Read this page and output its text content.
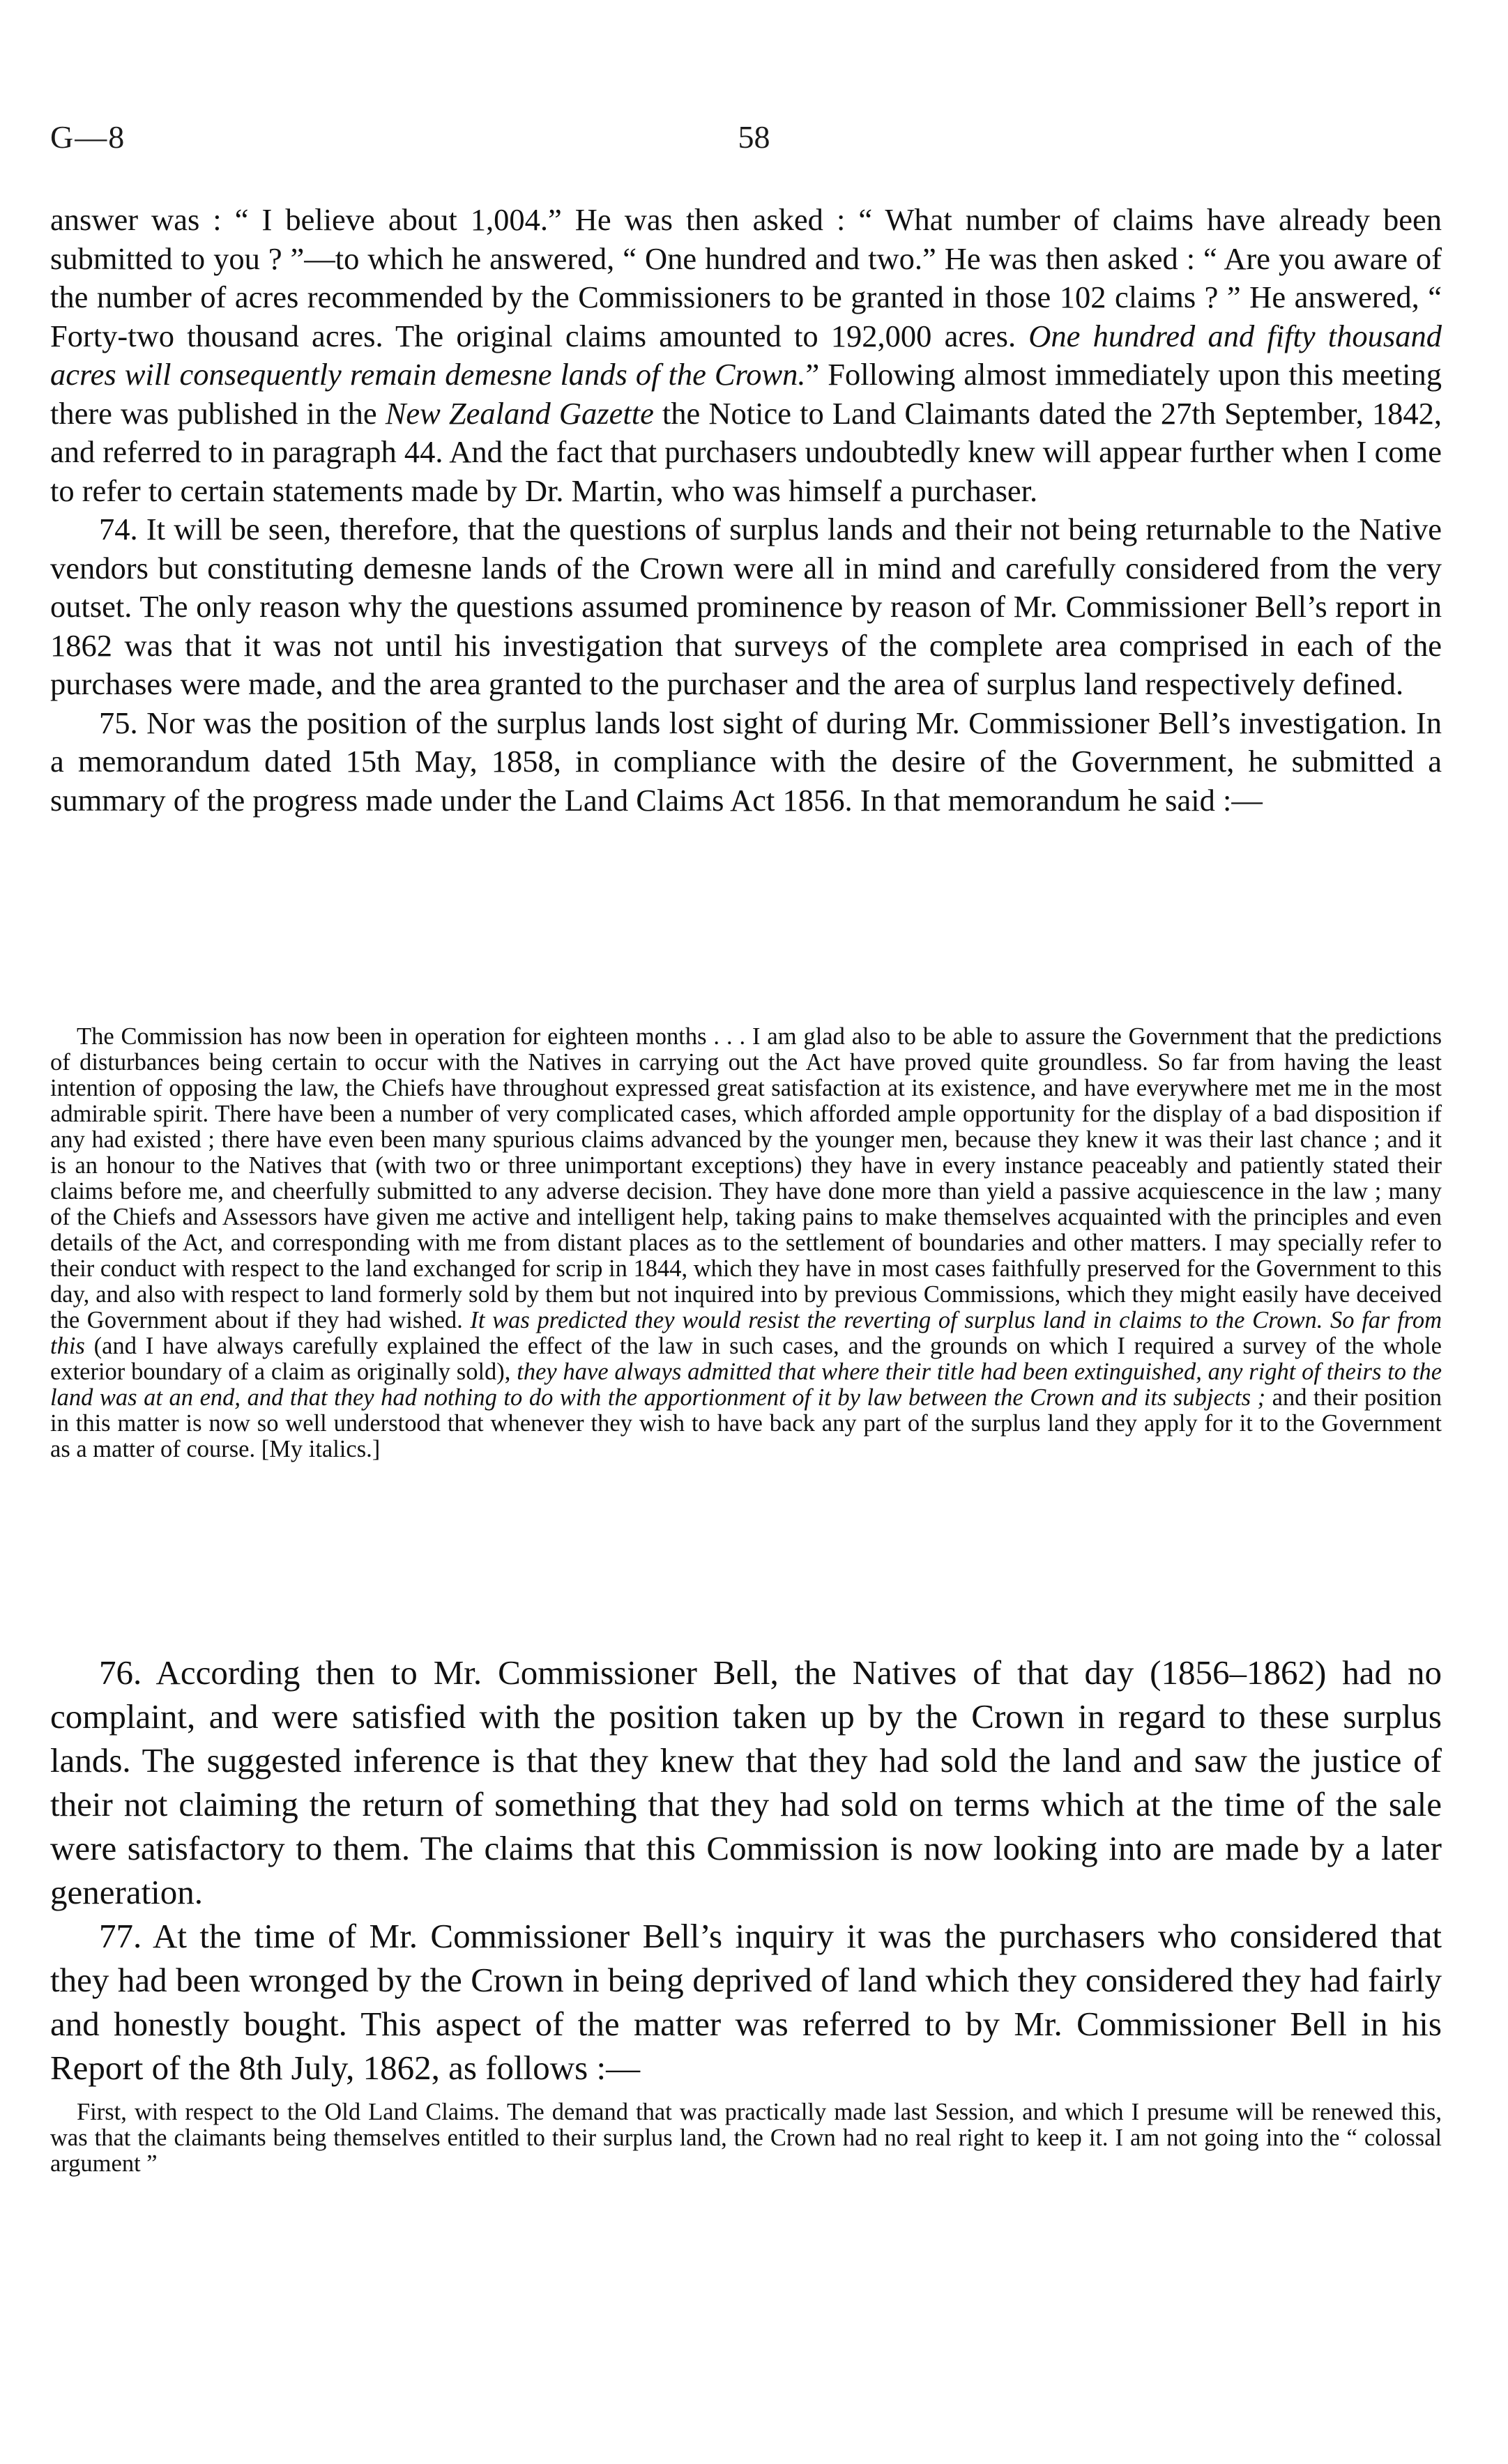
G—8	58

answer was : “ I believe about 1,004.” He was then asked : “ What number of claims have already been submitted to you ? ”—to which he answered, “ One hundred and two.” He was then asked : “ Are you aware of the number of acres recommended by the Commissioners to be granted in those 102 claims ? ” He answered, “ Forty-two thousand acres. The original claims amounted to 192,000 acres. One hundred and fifty thousand acres will consequently remain demesne lands of the Crown.” Following almost immediately upon this meeting there was published in the New Zealand Gazette the Notice to Land Claimants dated the 27th September, 1842, and referred to in paragraph 44. And the fact that purchasers undoubtedly knew will appear further when I come to refer to certain statements made by Dr. Martin, who was himself a purchaser.

74. It will be seen, therefore, that the questions of surplus lands and their not being returnable to the Native vendors but constituting demesne lands of the Crown were all in mind and carefully considered from the very outset. The only reason why the questions assumed prominence by reason of Mr. Commissioner Bell’s report in 1862 was that it was not until his investigation that surveys of the complete area comprised in each of the purchases were made, and the area granted to the purchaser and the area of surplus land respectively defined.

75. Nor was the position of the surplus lands lost sight of during Mr. Commissioner Bell’s investigation. In a memorandum dated 15th May, 1858, in compliance with the desire of the Government, he submitted a summary of the progress made under the Land Claims Act 1856. In that memorandum he said :—

The Commission has now been in operation for eighteen months . . . I am glad also to be able to assure the Government that the predictions of disturbances being certain to occur with the Natives in carrying out the Act have proved quite groundless. So far from having the least intention of opposing the law, the Chiefs have throughout expressed great satisfaction at its existence, and have everywhere met me in the most admirable spirit. There have been a number of very complicated cases, which afforded ample opportunity for the display of a bad disposition if any had existed ; there have even been many spurious claims advanced by the younger men, because they knew it was their last chance ; and it is an honour to the Natives that (with two or three unimportant exceptions) they have in every instance peaceably and patiently stated their claims before me, and cheerfully submitted to any adverse decision. They have done more than yield a passive acquiescence in the law ; many of the Chiefs and Assessors have given me active and intelligent help, taking pains to make themselves acquainted with the principles and even details of the Act, and corresponding with me from distant places as to the settlement of boundaries and other matters. I may specially refer to their conduct with respect to the land exchanged for scrip in 1844, which they have in most cases faithfully preserved for the Government to this day, and also with respect to land formerly sold by them but not inquired into by previous Commissions, which they might easily have deceived the Government about if they had wished. It was predicted they would resist the reverting of surplus land in claims to the Crown. So far from this (and I have always carefully explained the effect of the law in such cases, and the grounds on which I required a survey of the whole exterior boundary of a claim as originally sold), they have always admitted that where their title had been extinguished, any right of theirs to the land was at an end, and that they had nothing to do with the apportionment of it by law between the Crown and its subjects ; and their position in this matter is now so well understood that whenever they wish to have back any part of the surplus land they apply for it to the Government as a matter of course. [My italics.]

76. According then to Mr. Commissioner Bell, the Natives of that day (1856–1862) had no complaint, and were satisfied with the position taken up by the Crown in regard to these surplus lands. The suggested inference is that they knew that they had sold the land and saw the justice of their not claiming the return of something that they had sold on terms which at the time of the sale were satisfactory to them. The claims that this Commission is now looking into are made by a later generation.

77. At the time of Mr. Commissioner Bell’s inquiry it was the purchasers who considered that they had been wronged by the Crown in being deprived of land which they considered they had fairly and honestly bought. This aspect of the matter was referred to by Mr. Commissioner Bell in his Report of the 8th July, 1862, as follows :—

First, with respect to the Old Land Claims. The demand that was practically made last Session, and which I presume will be renewed this, was that the claimants being themselves entitled to their surplus land, the Crown had no real right to keep it. I am not going into the “ colossal argument ”
